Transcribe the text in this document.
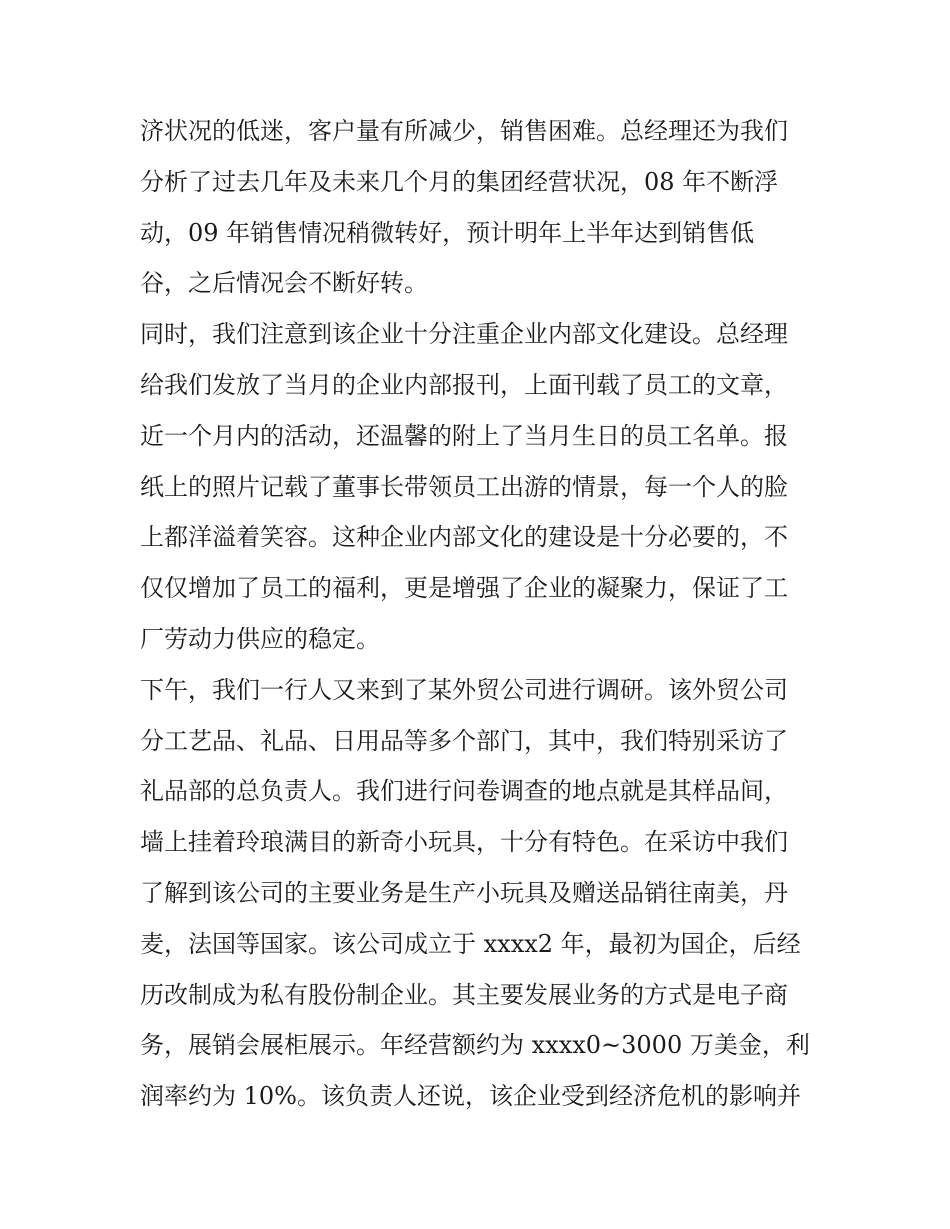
济状况的低迷，客户量有所减少，销售困难。总经理还为我们
分析了过去几年及未来几个月的集团经营状况，08 年不断浮
动，09 年销售情况稍微转好，预计明年上半年达到销售低
谷，之后情况会不断好转。
同时，我们注意到该企业十分注重企业内部文化建设。总经理
给我们发放了当月的企业内部报刊，上面刊载了员工的文章，
近一个月内的活动，还温馨的附上了当月生日的员工名单。报
纸上的照片记载了董事长带领员工出游的情景，每一个人的脸
上都洋溢着笑容。这种企业内部文化的建设是十分必要的，不
仅仅增加了员工的福利，更是增强了企业的凝聚力，保证了工
厂劳动力供应的稳定。
下午，我们一行人又来到了某外贸公司进行调研。该外贸公司
分工艺品、礼品、日用品等多个部门，其中，我们特别采访了
礼品部的总负责人。我们进行问卷调查的地点就是其样品间，
墙上挂着玲琅满目的新奇小玩具，十分有特色。在采访中我们
了解到该公司的主要业务是生产小玩具及赠送品销往南美，丹
麦，法国等国家。该公司成立于 xxxx2 年，最初为国企，后经
历改制成为私有股份制企业。其主要发展业务的方式是电子商
务，展销会展柜展示。年经营额约为 xxxx0~3000 万美金，利
润率约为 10%。该负责人还说，该企业受到经济危机的影响并
